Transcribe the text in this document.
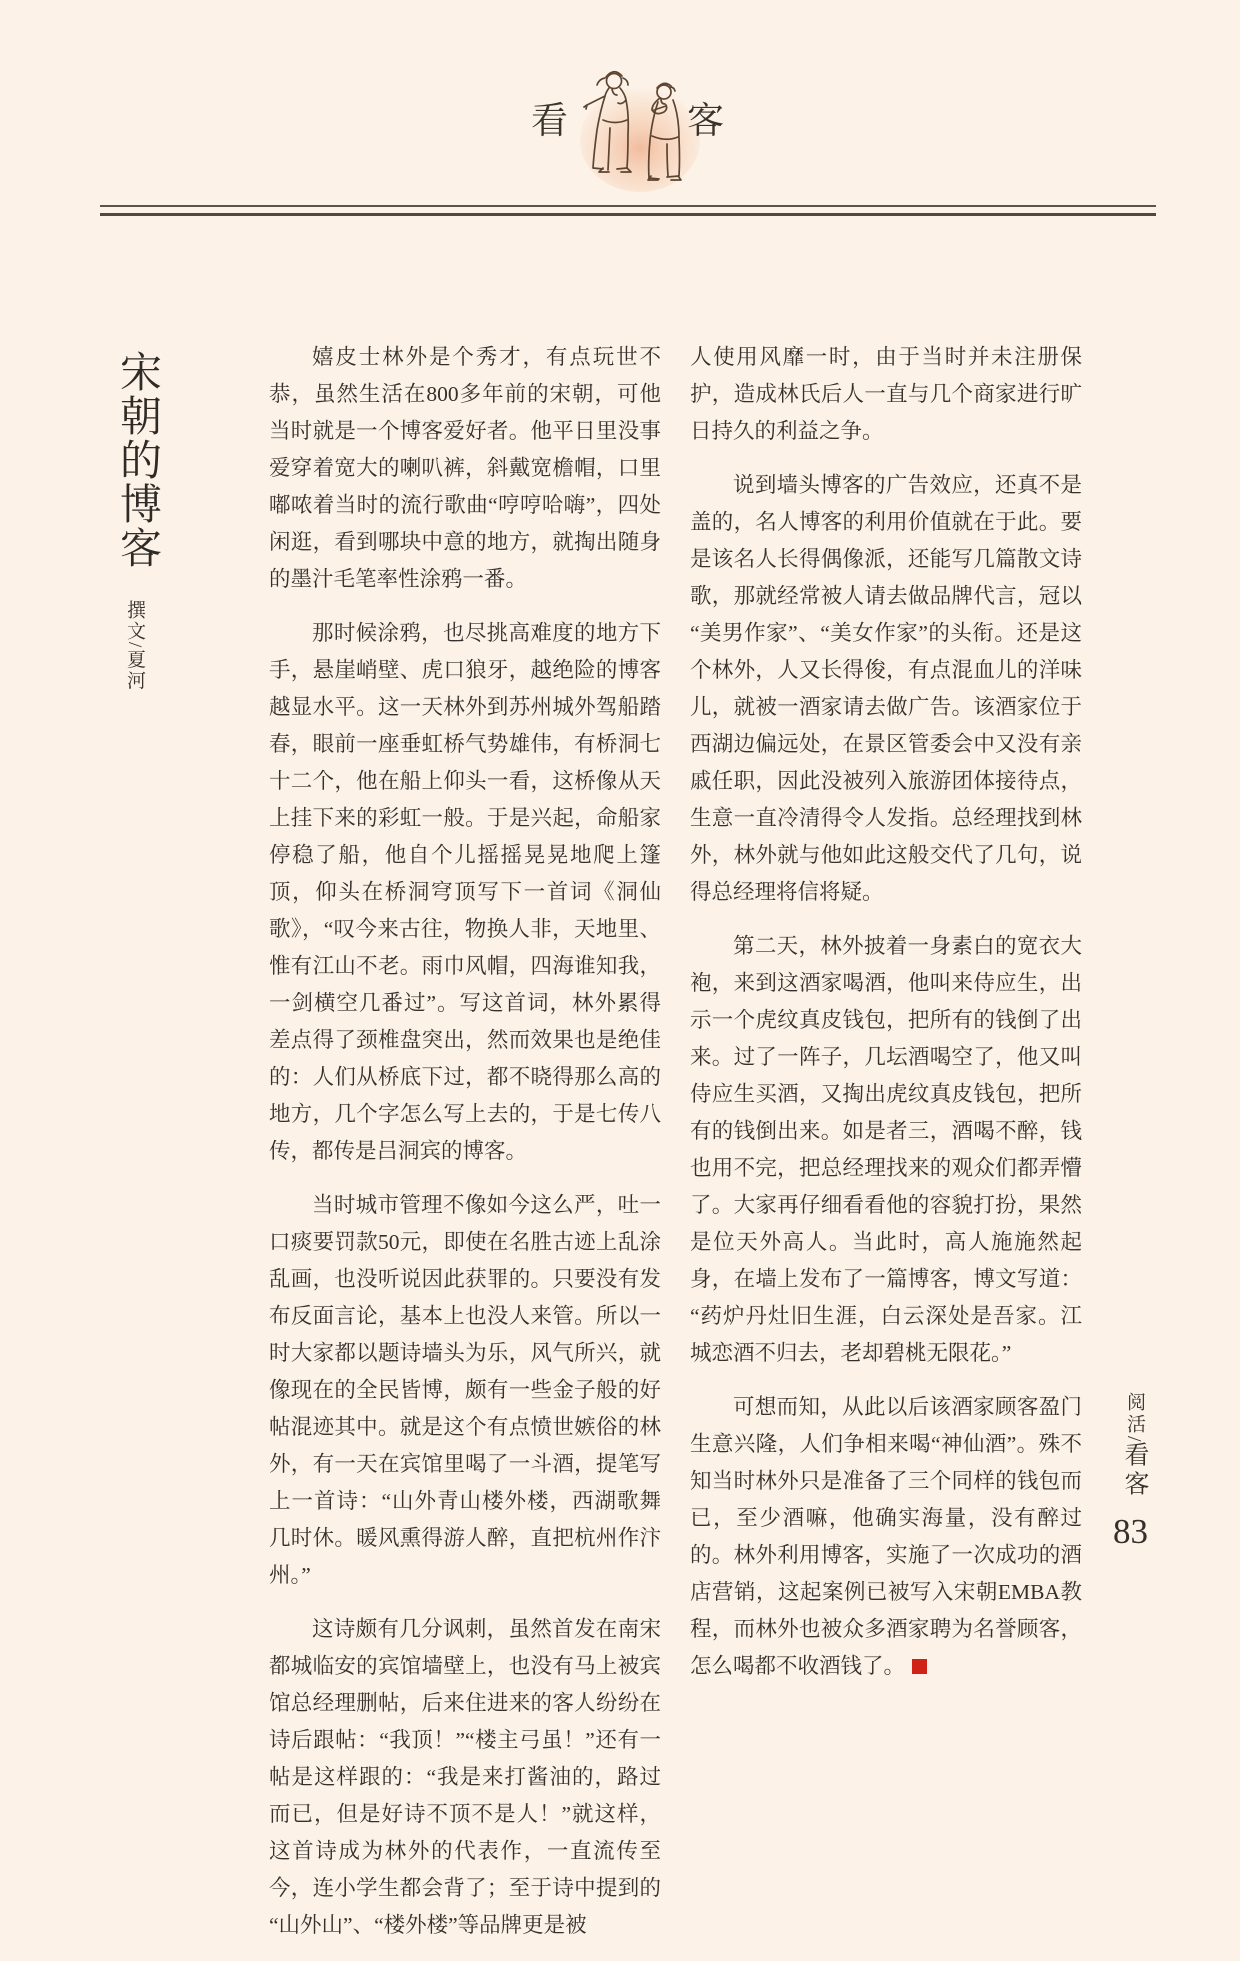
看	客
宋朝的博客
撰文/夏河

嬉皮士林外是个秀才，有点玩世不恭，虽然生活在800多年前的宋朝，可他当时就是一个博客爱好者。他平日里没事爱穿着宽大的喇叭裤，斜戴宽檐帽，口里嘟哝着当时的流行歌曲“哼哼哈嗨”，四处闲逛，看到哪块中意的地方，就掏出随身的墨汁毛笔率性涂鸦一番。

那时候涂鸦，也尽挑高难度的地方下手，悬崖峭壁、虎口狼牙，越绝险的博客越显水平。这一天林外到苏州城外驾船踏春，眼前一座垂虹桥气势雄伟，有桥洞七十二个，他在船上仰头一看，这桥像从天上挂下来的彩虹一般。于是兴起，命船家停稳了船，他自个儿摇摇晃晃地爬上篷顶，仰头在桥洞穹顶写下一首词《洞仙歌》，“叹今来古往，物换人非，天地里、惟有江山不老。雨巾风帽，四海谁知我，一剑横空几番过”。写这首词，林外累得差点得了颈椎盘突出，然而效果也是绝佳的：人们从桥底下过，都不晓得那么高的地方，几个字怎么写上去的，于是七传八传，都传是吕洞宾的博客。

当时城市管理不像如今这么严，吐一口痰要罚款50元，即使在名胜古迹上乱涂乱画，也没听说因此获罪的。只要没有发布反面言论，基本上也没人来管。所以一时大家都以题诗墙头为乐，风气所兴，就像现在的全民皆博，颇有一些金子般的好帖混迹其中。就是这个有点愤世嫉俗的林外，有一天在宾馆里喝了一斗酒，提笔写上一首诗：“山外青山楼外楼，西湖歌舞几时休。暖风熏得游人醉，直把杭州作汴州。”

这诗颇有几分讽刺，虽然首发在南宋都城临安的宾馆墙壁上，也没有马上被宾馆总经理删帖，后来住进来的客人纷纷在诗后跟帖：“我顶！”“楼主弓虽！”还有一帖是这样跟的：“我是来打酱油的，路过而已，但是好诗不顶不是人！”就这样，这首诗成为林外的代表作，一直流传至今，连小学生都会背了；至于诗中提到的“山外山”、“楼外楼”等品牌更是被

人使用风靡一时，由于当时并未注册保护，造成林氏后人一直与几个商家进行旷日持久的利益之争。

说到墙头博客的广告效应，还真不是盖的，名人博客的利用价值就在于此。要是该名人长得偶像派，还能写几篇散文诗歌，那就经常被人请去做品牌代言，冠以“美男作家”、“美女作家”的头衔。还是这个林外，人又长得俊，有点混血儿的洋味儿，就被一酒家请去做广告。该酒家位于西湖边偏远处，在景区管委会中又没有亲戚任职，因此没被列入旅游团体接待点，生意一直冷清得令人发指。总经理找到林外，林外就与他如此这般交代了几句，说得总经理将信将疑。

第二天，林外披着一身素白的宽衣大袍，来到这酒家喝酒，他叫来侍应生，出示一个虎纹真皮钱包，把所有的钱倒了出来。过了一阵子，几坛酒喝空了，他又叫侍应生买酒，又掏出虎纹真皮钱包，把所有的钱倒出来。如是者三，酒喝不醉，钱也用不完，把总经理找来的观众们都弄懵了。大家再仔细看看他的容貌打扮，果然是位天外高人。当此时，高人施施然起身，在墙上发布了一篇博客，博文写道：“药炉丹灶旧生涯，白云深处是吾家。江城恋酒不归去，老却碧桃无限花。”

可想而知，从此以后该酒家顾客盈门生意兴隆，人们争相来喝“神仙酒”。殊不知当时林外只是准备了三个同样的钱包而已，至少酒嘛，他确实海量，没有醉过的。林外利用博客，实施了一次成功的酒店营销，这起案例已被写入宋朝EMBA教程，而林外也被众多酒家聘为名誉顾客，怎么喝都不收酒钱了。

阅活/看客
83
